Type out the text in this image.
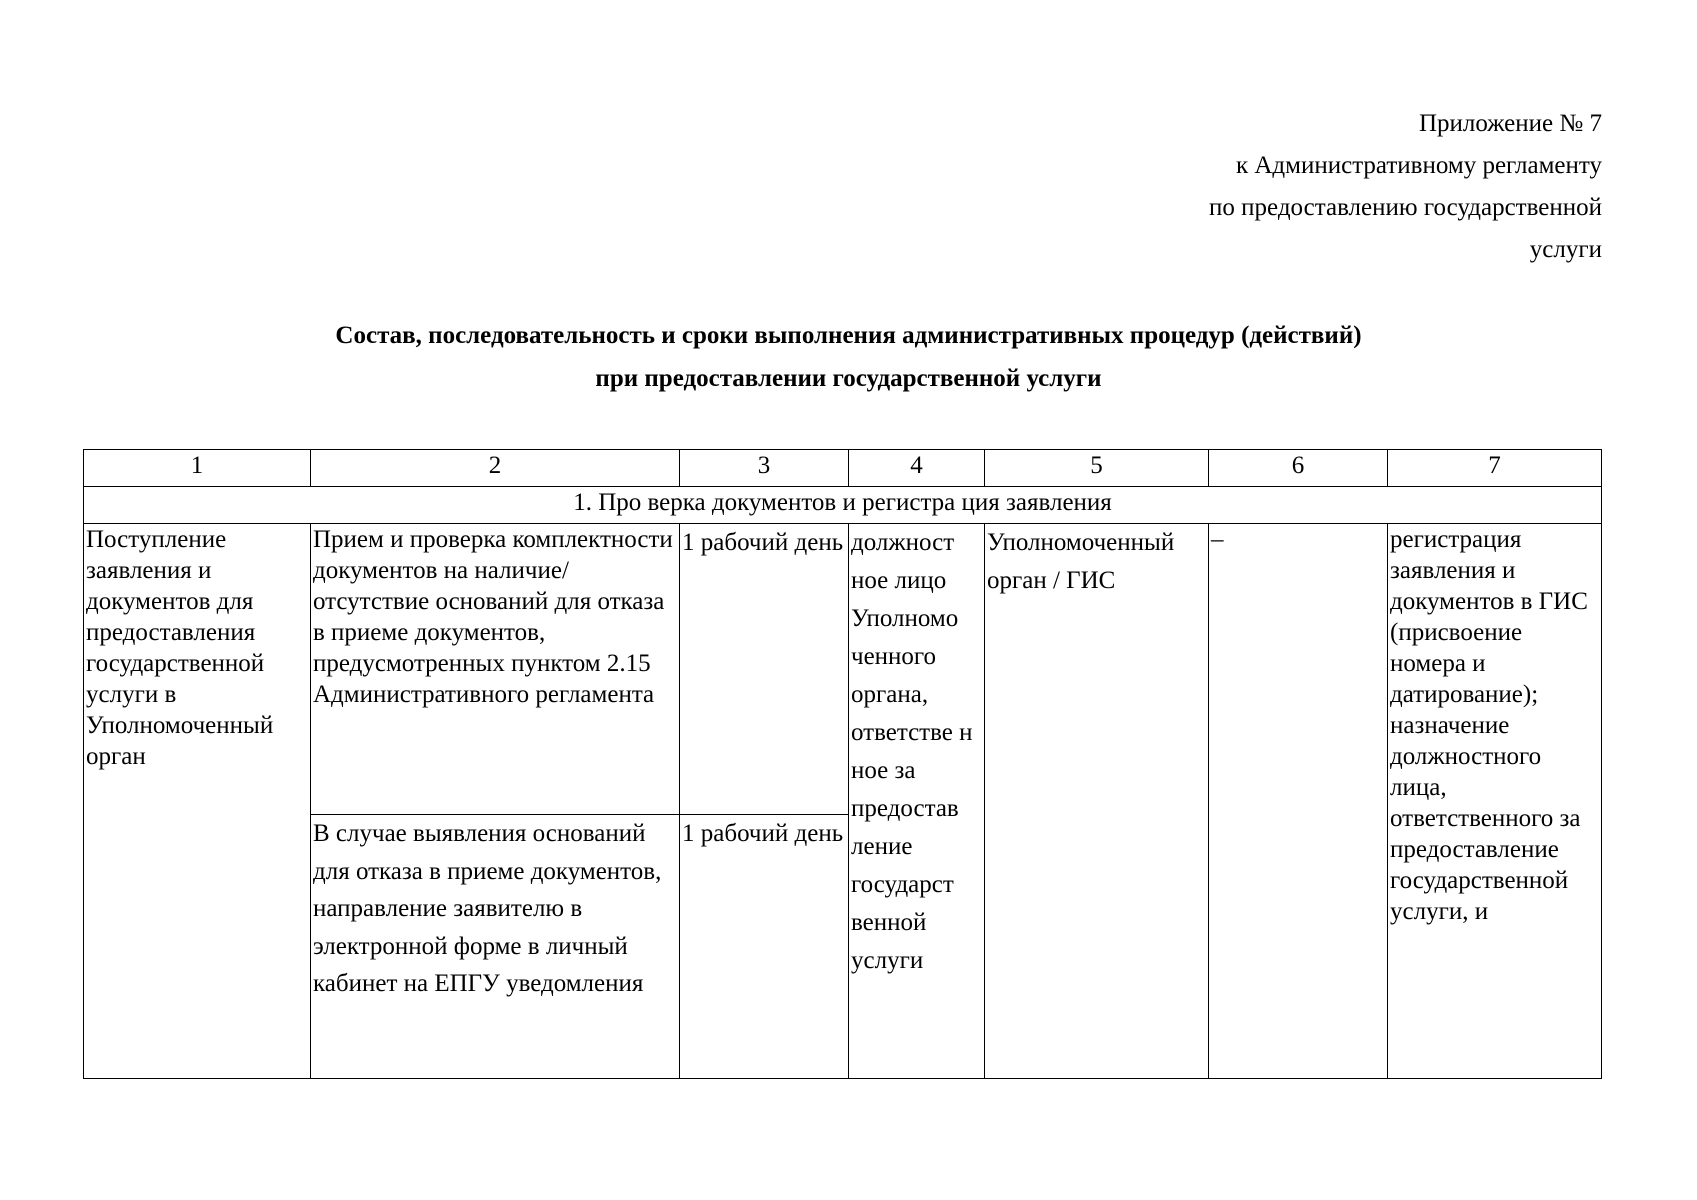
Приложение № 7
к Административному регламенту
по предоставлению государственной
услуги
Состав, последовательность и сроки выполнения административных процедур (действий)
при предоставлении государственной услуги
1	2	3	4	5	6	7
1. Про верка документов и регистра ция заявления						
Поступление заявления и документов для предоставления государственной услуги в Уполномоченный орган	Прием и проверка комплектности документов на наличие/отсутствие оснований для отказа в приеме документов, предусмотренных пунктом 2.15 Административного регламента	1 рабочий день	должност ное лицо Уполномо ченного органа, ответстве н ное за предостав ление государст венной услуги	Уполномоченный орган / ГИС	–	регистрация заявления и документов в ГИС (присвоение номера и датирование); назначение должностного лица, ответственного за предоставление государственной услуги, и
	В случае выявления оснований для отказа в приеме документов, направление заявителю в электронной форме в личный кабинет на ЕПГУ уведомления	1 рабочий день				
